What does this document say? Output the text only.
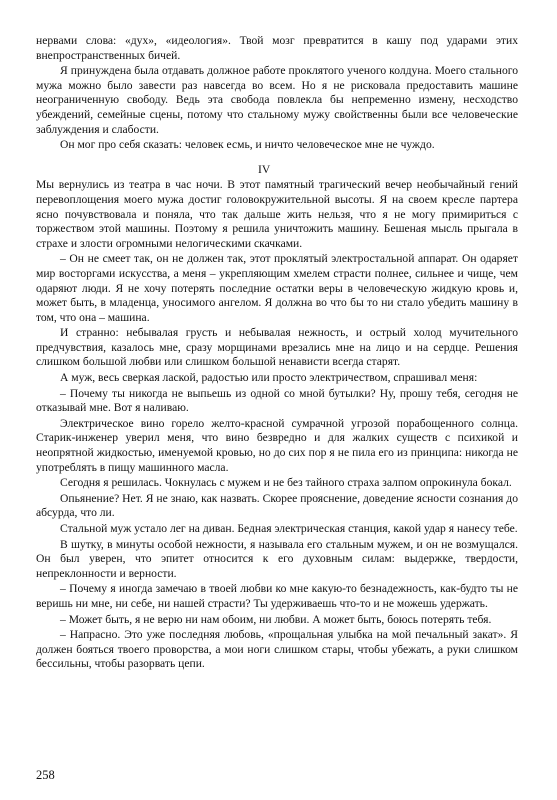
нервами слова: «дух», «идеология». Твой мозг превратится в кашу под ударами этих внепространственных бичей.

Я принуждена была отдавать должное работе проклятого ученого колдуна. Моего стального мужа можно было завести раз навсегда во всем. Но я не рисковала предоставить машине неограниченную свободу. Ведь эта свобода повлекла бы непременно измену, несходство убеждений, семейные сцены, потому что стальному мужу свойственны были все человеческие заблуждения и слабости.

Он мог про себя сказать: человек есмь, и ничто человеческое мне не чуждо.

IV

Мы вернулись из театра в час ночи. В этот памятный трагический вечер необычайный гений перевоплощения моего мужа достиг головокружительной высоты. Я на своем кресле партера ясно почувствовала и поняла, что так дальше жить нельзя, что я не могу примириться с торжеством этой машины. Поэтому я решила уничтожить машину. Бешеная мысль прыгала в страхе и злости огромными нелогическими скачками.

– Он не смеет так, он не должен так, этот проклятый электростальной аппарат. Он одаряет мир восторгами искусства, а меня – укрепляющим хмелем страсти полнее, сильнее и чище, чем одаряют люди. Я не хочу потерять последние остатки веры в человеческую жидкую кровь и, может быть, в младенца, уносимого ангелом. Я должна во что бы то ни стало убедить машину в том, что она – машина.

И странно: небывалая грусть и небывалая нежность, и острый холод мучительного предчувствия, казалось мне, сразу морщинами врезались мне на лицо и на сердце. Решения слишком большой любви или слишком большой ненависти всегда старят.

А муж, весь сверкая лаской, радостью или просто электричеством, спрашивал меня:

– Почему ты никогда не выпьешь из одной со мной бутылки? Ну, прошу тебя, сегодня не отказывай мне. Вот я наливаю.

Электрическое вино горело желто-красной сумрачной угрозой порабощенного солнца. Старик-инженер уверил меня, что вино безвредно и для жалких существ с психикой и неопрятной жидкостью, именуемой кровью, но до сих пор я не пила его из принципа: никогда не употреблять в пищу машинного масла.

Сегодня я решилась. Чокнулась с мужем и не без тайного страха залпом опрокинула бокал.

Опьянение? Нет. Я не знаю, как назвать. Скорее прояснение, доведение ясности сознания до абсурда, что ли.

Стальной муж устало лег на диван. Бедная электрическая станция, какой удар я нанесу тебе.

В шутку, в минуты особой нежности, я называла его стальным мужем, и он не возмущался. Он был уверен, что эпитет относится к его духовным силам: выдержке, твердости, непреклонности и верности.

– Почему я иногда замечаю в твоей любви ко мне какую-то безнадежность, как-будто ты не веришь ни мне, ни себе, ни нашей страсти? Ты удерживаешь что-то и не можешь удержать.

– Может быть, я не верю ни нам обоим, ни любви. А может быть, боюсь потерять тебя.

– Напрасно. Это уже последняя любовь, «прощальная улыбка на мой печальный закат». Я должен бояться твоего проворства, а мои ноги слишком стары, чтобы убежать, а руки слишком бессильны, чтобы разорвать цепи.

258
